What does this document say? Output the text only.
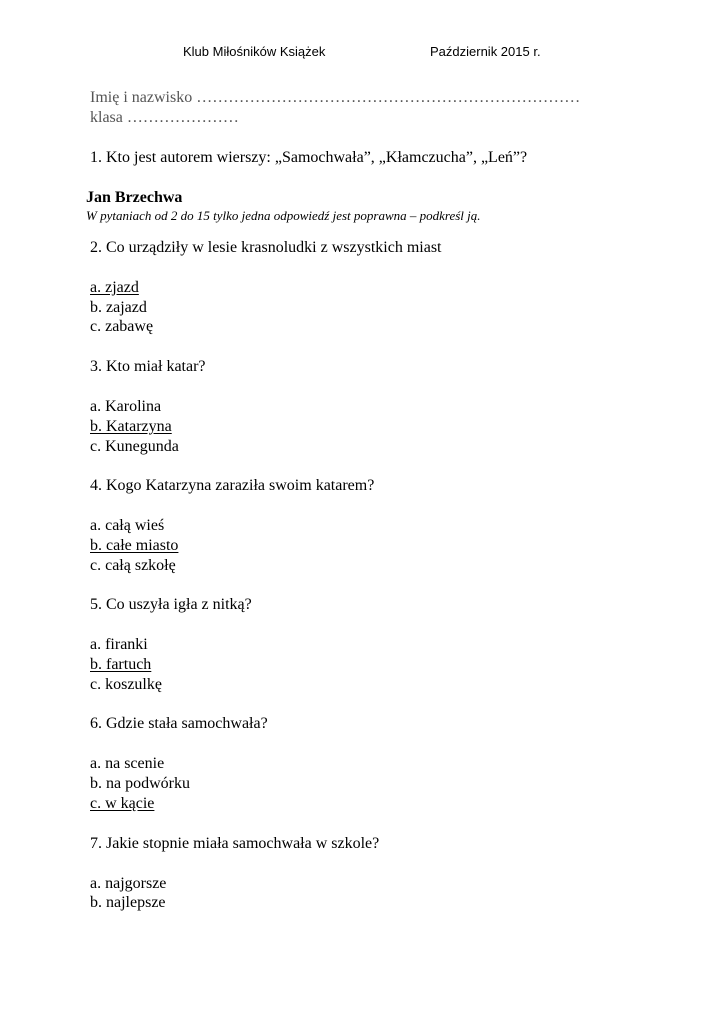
Klub Miłośników Książek	Październik 2015 r.
Imię i nazwisko ………………………………………………………………
klasa …………………
1. Kto jest autorem wierszy: „Samochwała”, „Kłamczucha”, „Leń”?
Jan Brzechwa
W pytaniach od 2 do 15 tylko jedna odpowiedź jest poprawna – podkreśl ją.
2. Co urządziły w lesie krasnoludki z wszystkich miast
a. zjazd
b. zajazd
c. zabawę
3. Kto miał katar?
a. Karolina
b. Katarzyna
c. Kunegunda
4. Kogo Katarzyna zaraziła swoim katarem?
a. całą wieś
b. całe miasto
c. całą szkołę
5. Co uszyła igła z nitką?
a. firanki
b. fartuch
c. koszulkę
6. Gdzie stała samochwała?
a. na scenie
b. na podwórku
c. w kącie
7. Jakie stopnie miała samochwała w szkole?
a. najgorsze
b. najlepsze
